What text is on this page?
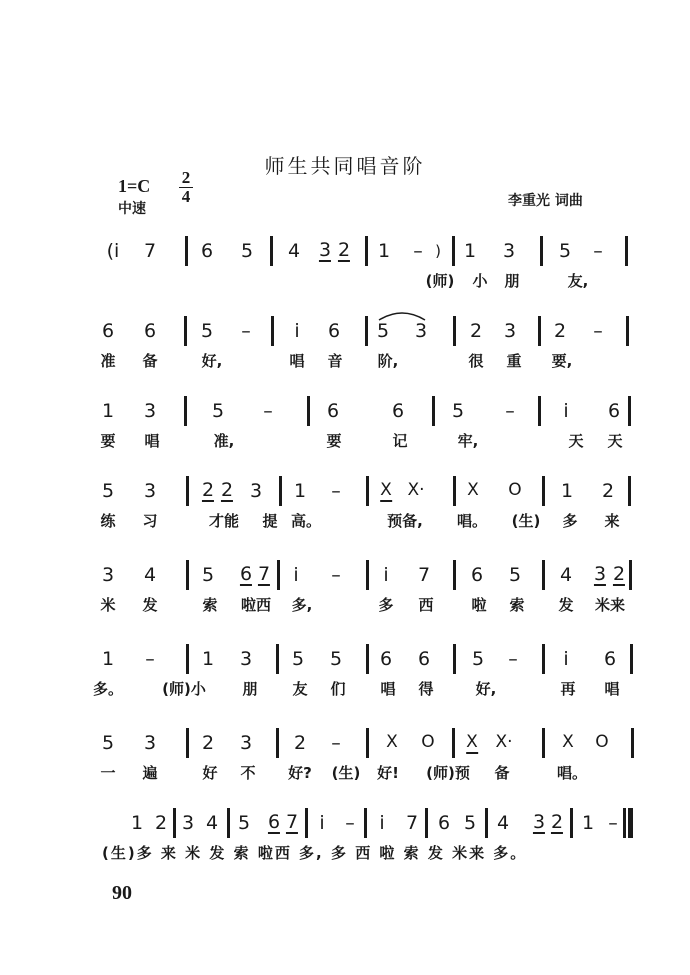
师生共同唱音阶
1=C 2
4
中速	李重光 词曲
(i 7 6 5 4 3 2 1 – ) 1 3 5 –
(师) 小 朋	友,
6 6 5 – i 6 5 3 2 3 2 –
准 备	好,	唱 音 阶,	很 重 要,
1 3	5 –	6	6	5 –	i 6
要 唱	准,	要	记	牢,	天 天
5 3 2 2 3 1 – X X·	X O 1 2
练 习	才能 提 高。	预备, 唱。 (生) 多 来
3 4 5 6 7 i – i 7 6 5 4 3 2
米 发	索 啦西 多,	多 西	啦 索 发 米来
1 – 1 3 5 5 6 6 5 – i 6
多。	(师)小 朋 友 们 唱 得	好,	再 唱
5 3 2 3 2 –	X O X X·	X O
一 遍	好 不 好? (生) 好! (师)预 备	唱。
1 2 3 4 5 6 7 i – i 7 6 5 4 3 2 1 –
(生)多 来 米 发 索 啦西 多, 多 西 啦 索 发 米来 多。
90
